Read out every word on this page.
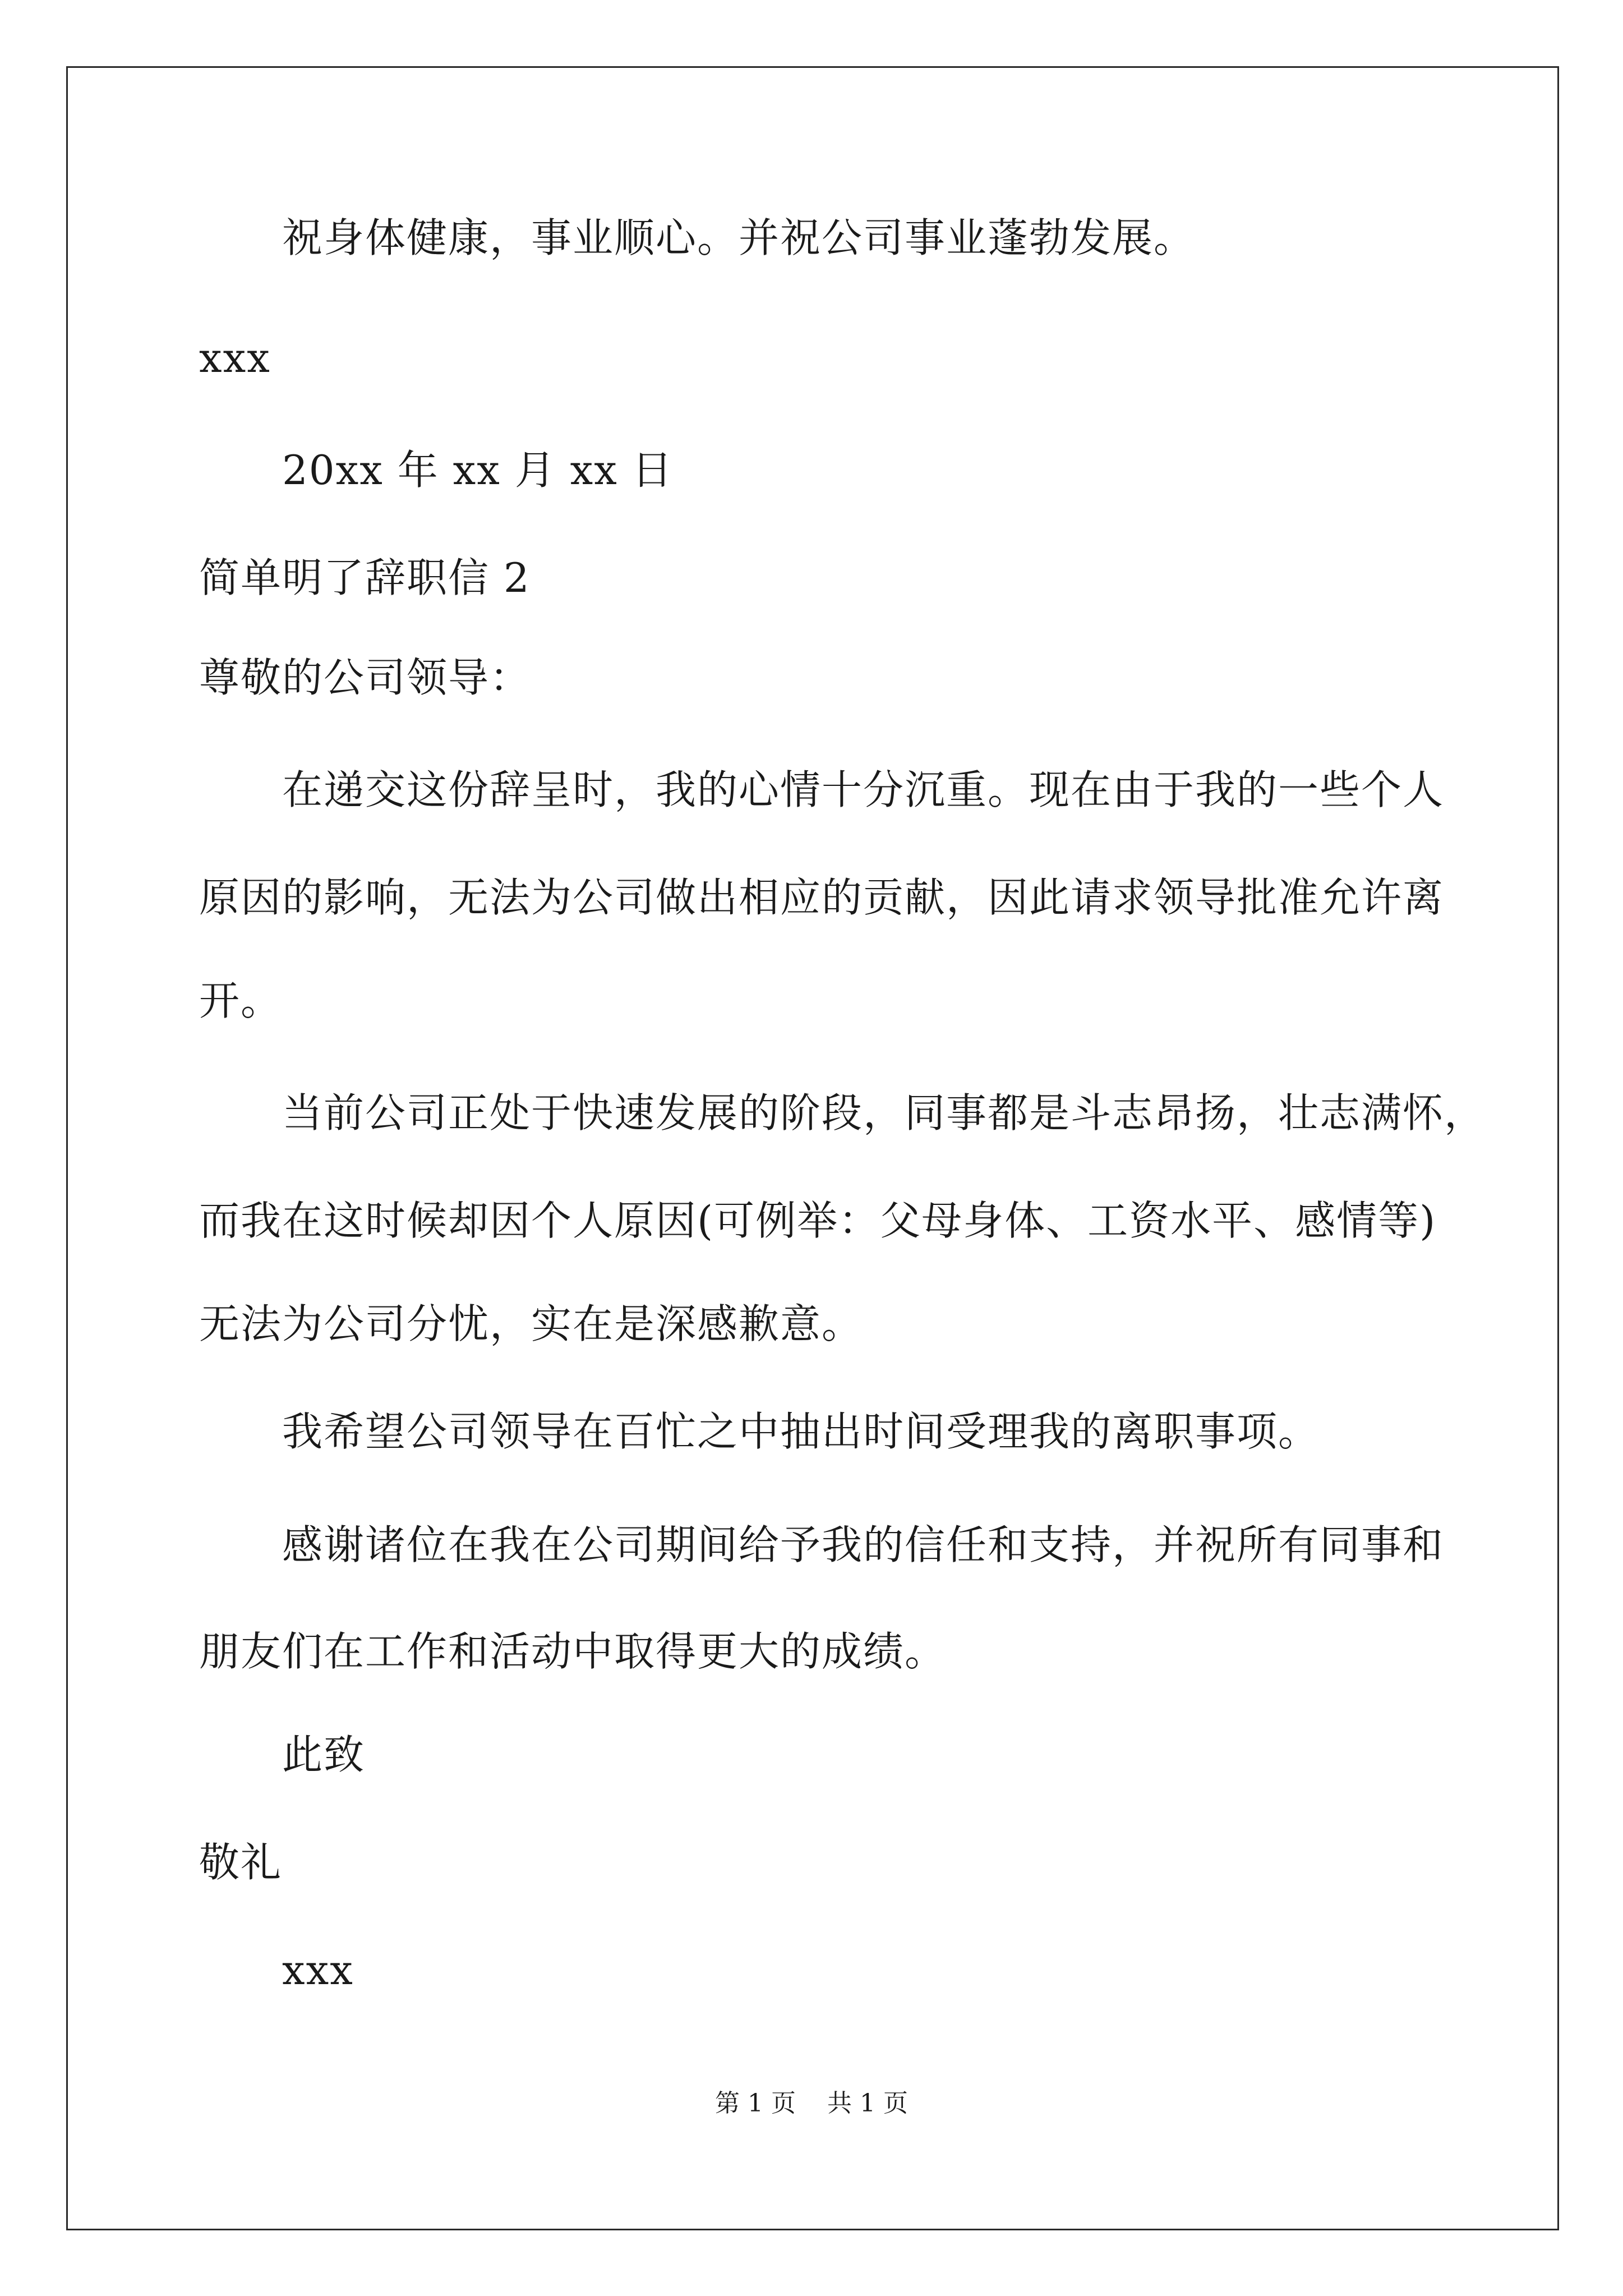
祝身体健康，事业顺心。并祝公司事业蓬勃发展。
xxx
20xx 年 xx 月 xx 日
简单明了辞职信 2
尊敬的公司领导：
在递交这份辞呈时，我的心情十分沉重。现在由于我的一些个人
原因的影响，无法为公司做出相应的贡献，因此请求领导批准允许离
开。
当前公司正处于快速发展的阶段，同事都是斗志昂扬，壮志满怀，
而我在这时候却因个人原因(可例举：父母身体、工资水平、感情等)
无法为公司分忧，实在是深感歉意。
我希望公司领导在百忙之中抽出时间受理我的离职事项。
感谢诸位在我在公司期间给予我的信任和支持，并祝所有同事和
朋友们在工作和活动中取得更大的成绩。
此致
敬礼
xxx
第 1 页 共 1 页
